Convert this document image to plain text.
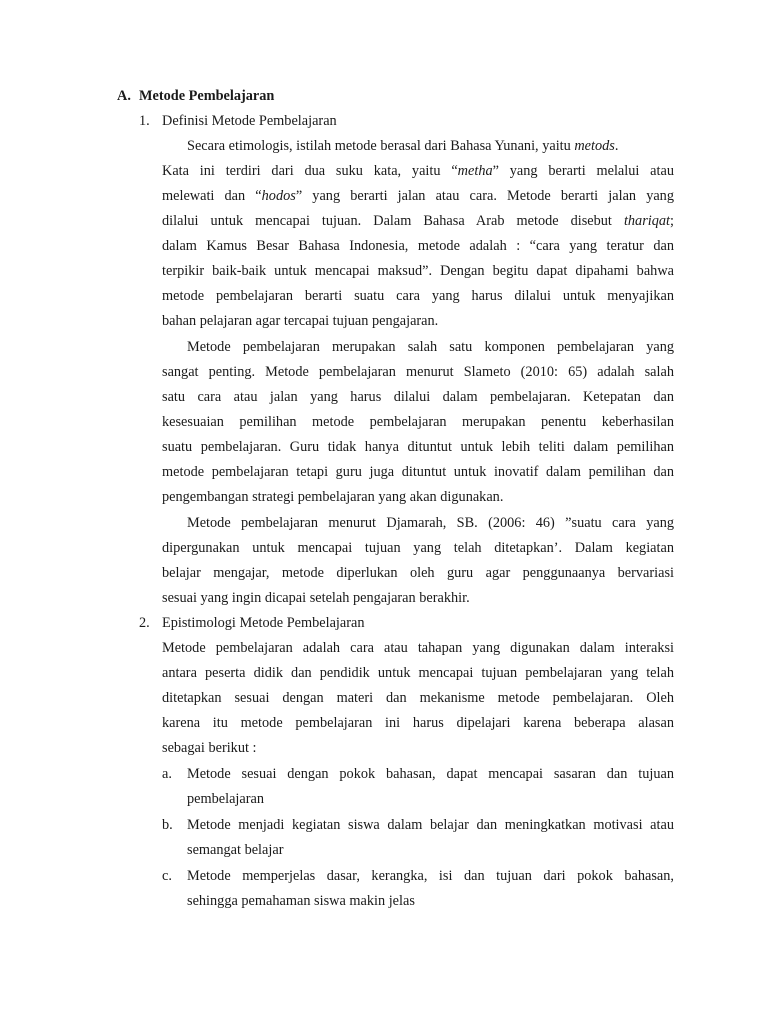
A. Metode Pembelajaran
1. Definisi Metode Pembelajaran
Secara etimologis, istilah metode berasal dari Bahasa Yunani, yaitu metods.
Kata ini terdiri dari dua suku kata, yaitu “metha” yang berarti melalui atau
melewati dan “hodos” yang berarti jalan atau cara. Metode berarti jalan yang
dilalui untuk mencapai tujuan. Dalam Bahasa Arab metode disebut thariqat;
dalam Kamus Besar Bahasa Indonesia, metode adalah : “cara yang teratur dan
terpikir baik-baik untuk mencapai maksud”. Dengan begitu dapat dipahami bahwa
metode pembelajaran berarti suatu cara yang harus dilalui untuk menyajikan
bahan pelajaran agar tercapai tujuan pengajaran.
Metode pembelajaran merupakan salah satu komponen pembelajaran yang
sangat penting. Metode pembelajaran menurut Slameto (2010: 65) adalah salah
satu cara atau jalan yang harus dilalui dalam pembelajaran. Ketepatan dan
kesesuaian pemilihan metode pembelajaran merupakan penentu keberhasilan
suatu pembelajaran. Guru tidak hanya dituntut untuk lebih teliti dalam pemilihan
metode pembelajaran tetapi guru juga dituntut untuk inovatif dalam pemilihan dan
pengembangan strategi pembelajaran yang akan digunakan.
Metode pembelajaran menurut Djamarah, SB. (2006: 46) ”suatu cara yang
dipergunakan untuk mencapai tujuan yang telah ditetapkan’. Dalam kegiatan
belajar mengajar, metode diperlukan oleh guru agar penggunaanya bervariasi
sesuai yang ingin dicapai setelah pengajaran berakhir.
2. Epistimologi Metode Pembelajaran
Metode pembelajaran adalah cara atau tahapan yang digunakan dalam interaksi
antara peserta didik dan pendidik untuk mencapai tujuan pembelajaran yang telah
ditetapkan sesuai dengan materi dan mekanisme metode pembelajaran. Oleh
karena itu metode pembelajaran ini harus dipelajari karena beberapa alasan
sebagai berikut :
a. Metode sesuai dengan pokok bahasan, dapat mencapai sasaran dan tujuan
pembelajaran
b. Metode menjadi kegiatan siswa dalam belajar dan meningkatkan motivasi atau
semangat belajar
c. Metode memperjelas dasar, kerangka, isi dan tujuan dari pokok bahasan,
sehingga pemahaman siswa makin jelas
